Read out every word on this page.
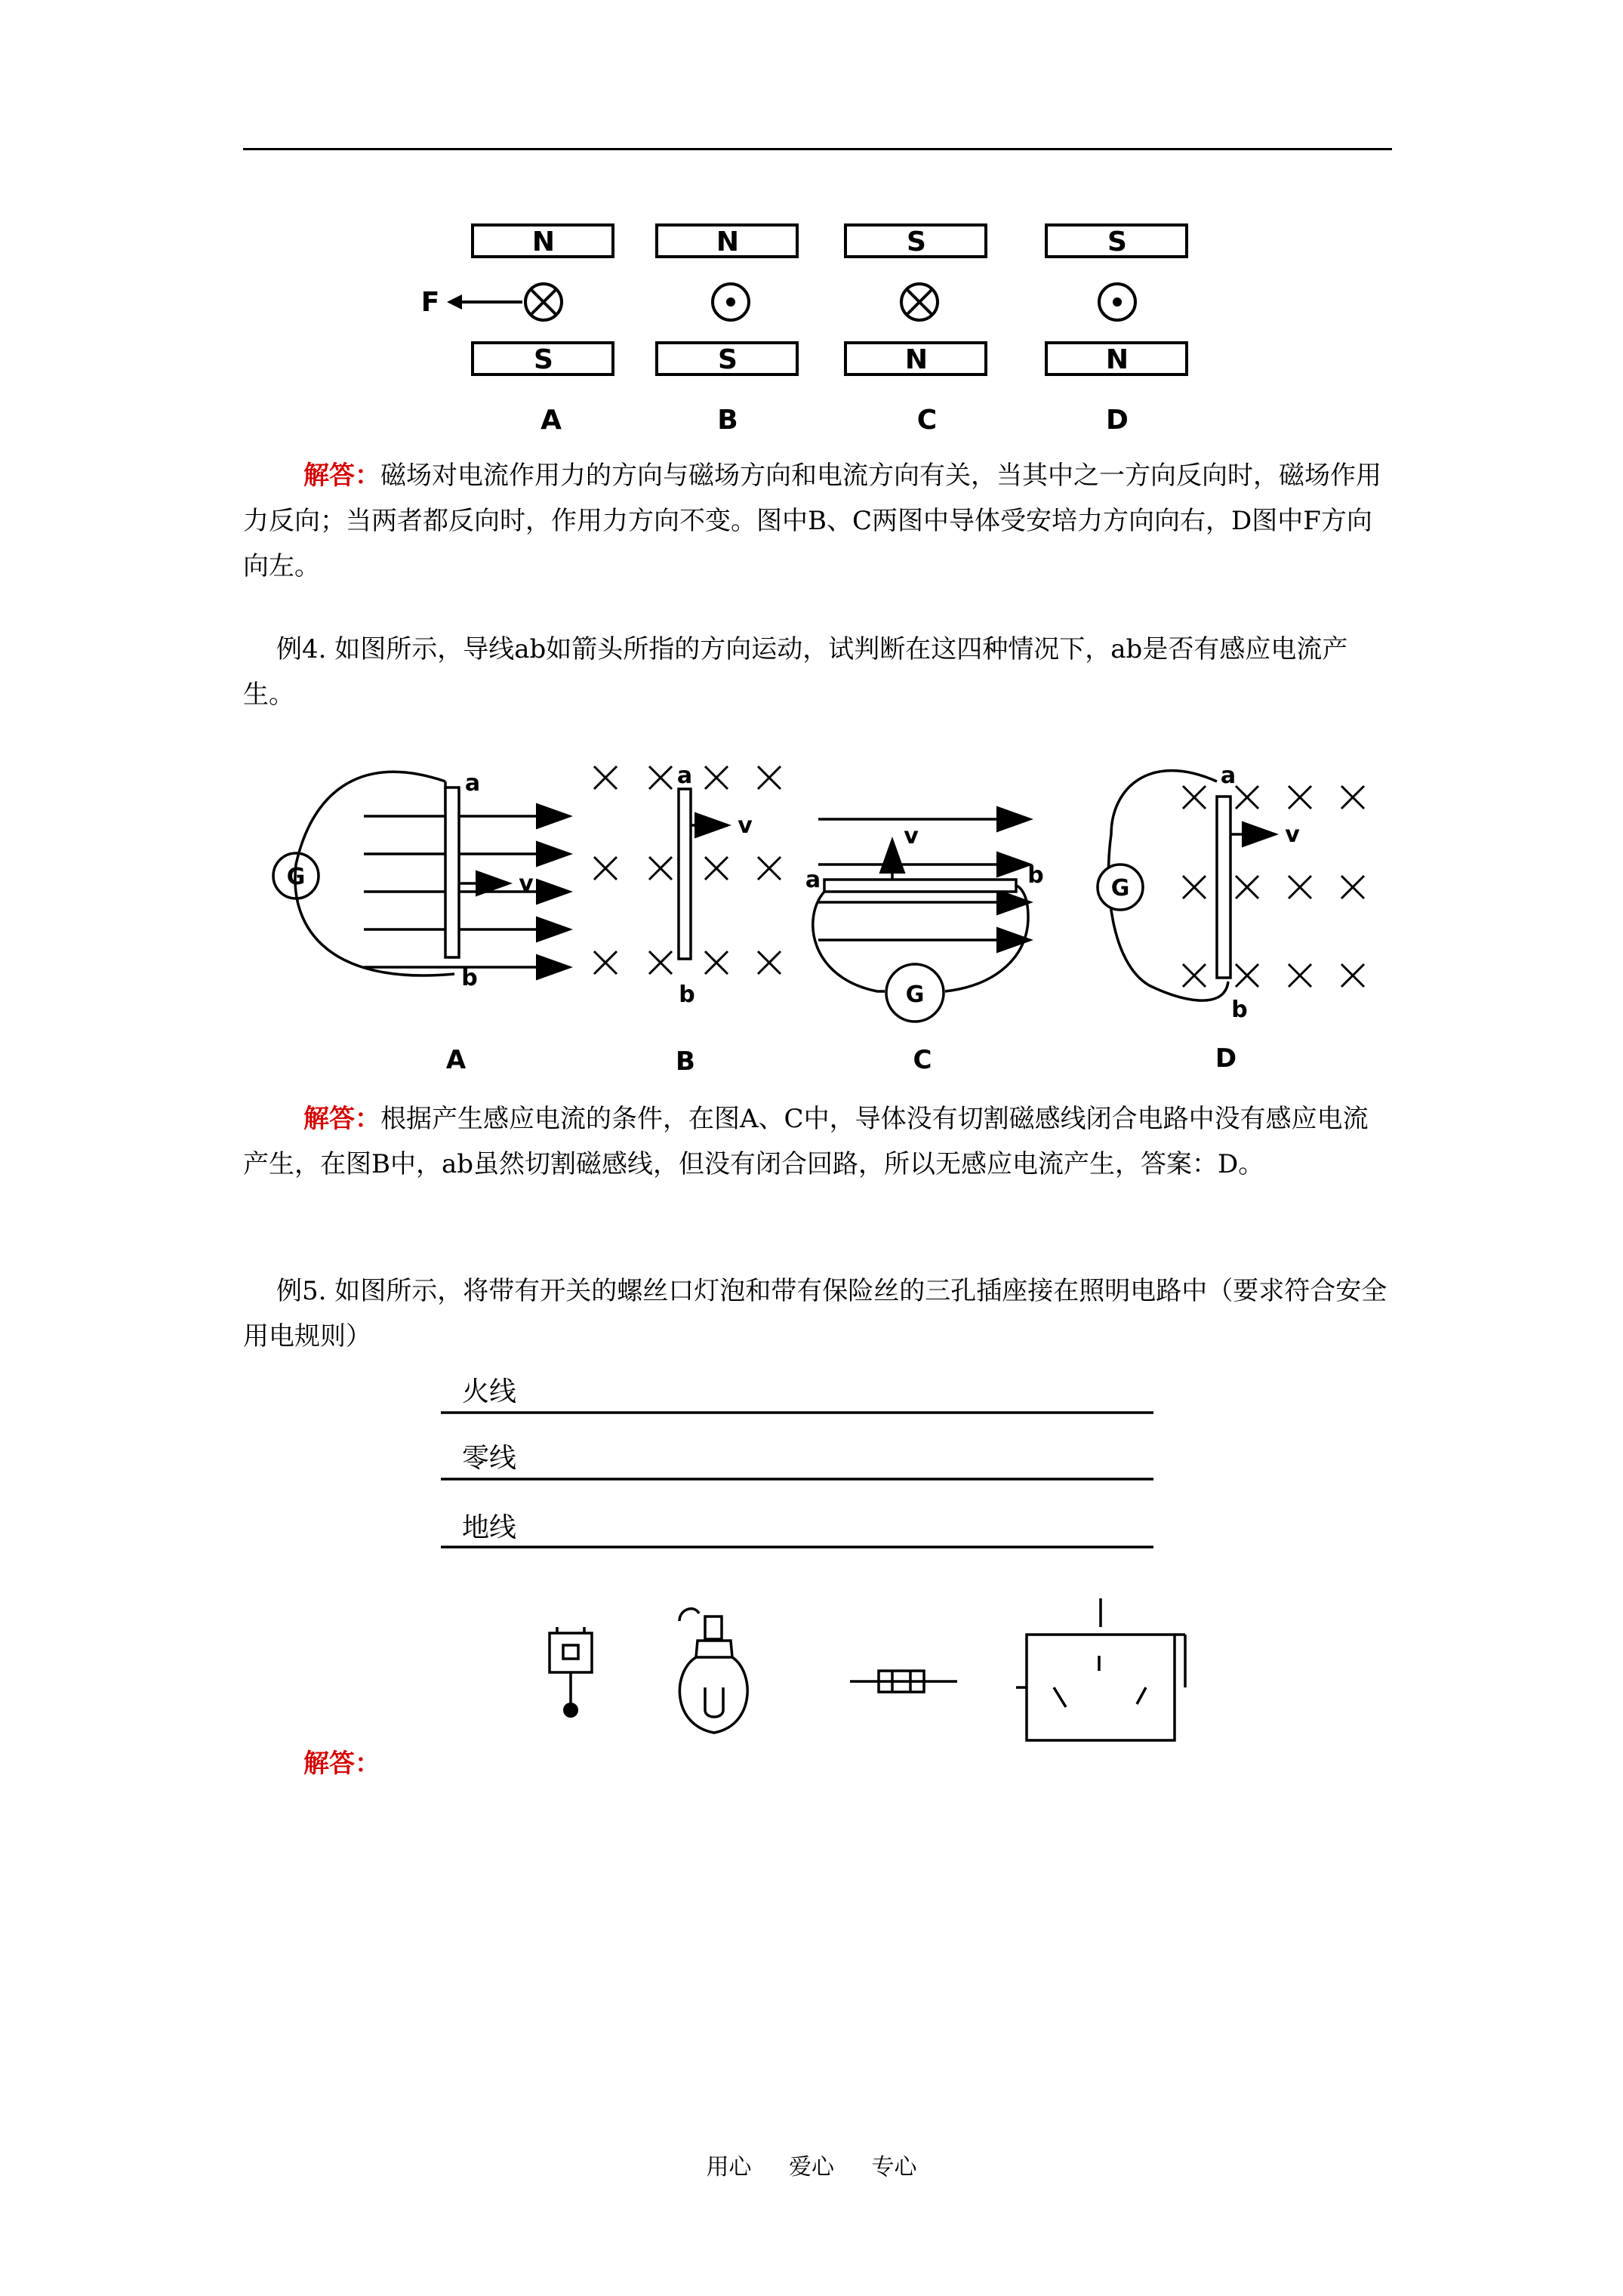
N
S
N
S
S
N
S
N
F
A	B	C	D

解答：磁场对电流作用力的方向与磁场方向和电流方向有关，当其中之一方向反向时，磁场作用力反向；当两者都反向时，作用力方向不变。图中B、C两图中导体受安培力方向向右，D图中F方向向左。

例4. 如图所示，导线ab如箭头所指的方向运动，试判断在这四种情况下，ab是否有感应电流产生。

G
G
G
a
b
v
a
b
v
a	b
v
a
b
v
A	B	C	D

解答：根据产生感应电流的条件，在图A、C中，导体没有切割磁感线闭合电路中没有感应电流产生，在图B中，ab虽然切割磁感线，但没有闭合回路，所以无感应电流产生，答案：D。

例5. 如图所示，将带有开关的螺丝口灯泡和带有保险丝的三孔插座接在照明电路中（要求符合安全用电规则）

火线
零线
地线

解答：

用心 爱心 专心
